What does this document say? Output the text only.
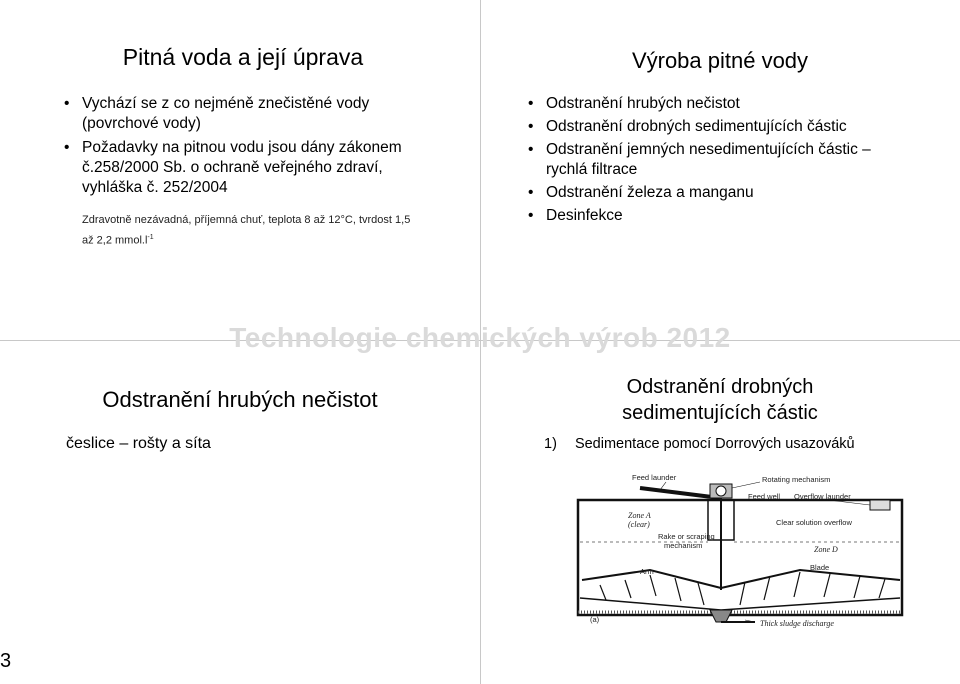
Pitná voda a její úprava
• Vychází se z co nejméně znečistěné vody (povrchové vody)
• Požadavky na pitnou vodu jsou dány zákonem č.258/2000 Sb. o ochraně veřejného zdraví, vyhláška č. 252/2004
Zdravotně nezávadná, příjemná chuť, teplota 8 až 12°C, tvrdost 1,5 až 2,2 $mmol.l^{-1}$
Výroba pitné vody
• Odstranění hrubých nečistot
• Odstranění drobných sedimentujících částic
• Odstranění jemných nesedimentujících částic – rychlá filtrace
• Odstranění železa a manganu
• Desinfekce
Technologie chemických výrob 2012
Odstranění hrubých nečistot
česlice – rošty a síta
Odstranění drobných
sedimentujících částic
1) Sedimentace pomocí Dorrových usazováků
Feed launder	Rotating mechanism
Feed well Overflow launder
Zone A
(clear)	Clear solution overflow
Rake or scraping
mechanism	Zone D
Arm	Blade
(a)	Thick sludge discharge
3
